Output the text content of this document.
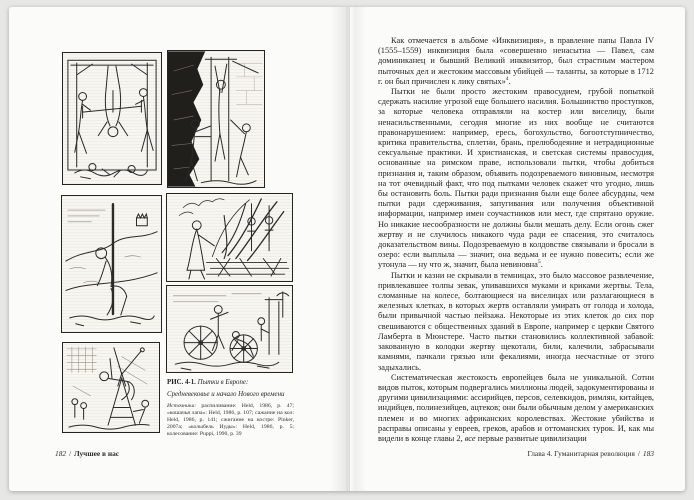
РИС. 4-1. Пытки в Европе:
Средневековье и начало Нового времени
Источники: распиливание: Held, 1986, p. 47; «кошачья лапа»: Held, 1986, p. 107; сажание на кол: Held, 1986, p. 141; сжигание на костре: Pinker, 2007a; «колыбель Иуды»: Held, 1986, p. 5; колесование: Puppi, 1990, p. 39
182 / Лучшее в нас

Как отмечается в альбоме «Инквизиция», в правление папы Павла IV (1555–1559) инквизиция была «совершенно ненасытна — Павел, сам доминиканец и бывший Великий инквизитор, был страстным мастером пыточных дел и жестоким массовым убийцей — таланты, за которые в 1712 г. он был причислен к лику святых»$^4$.

Пытки не были просто жестоким правосудием, грубой попыткой сдержать насилие угрозой еще большего насилия. Большинство проступков, за которые человека отправляли на костер или виселицу, были ненасильственными, сегодня многие из них вообще не считаются правонарушением: например, ересь, богохульство, богоотступничество, критика правительства, сплетни, брань, прелюбодеяние и нетрадиционные сексуальные практики. И христианская, и светская системы правосудия, основанные на римском праве, использовали пытки, чтобы добиться признания и, таким образом, объявить подозреваемого виновным, несмотря на тот очевидный факт, что под пытками человек скажет что угодно, лишь бы остановить боль. Пытки ради признания были еще более абсурдны, чем пытки ради сдерживания, запугивания или получения объективной информации, например имен соучастников или мест, где спрятано оружие. Но никакие несообразности не должны были мешать делу. Если огонь сжег жертву и не случилось никакого чуда ради ее спасения, это считалось доказательством вины. Подозреваемую в колдовстве связывали и бросали в озеро: если выплыла — значит, она ведьма и ее нужно повесить; если же утонула — ну что ж, значит, была невиновна$^5$.

Пытки и казни не скрывали в темницах, это было массовое развлечение, привлекавшее толпы зевак, упивавшихся муками и криками жертвы. Тела, сломанные на колесе, болтающиеся на виселицах или разлагающиеся в железных клетках, в которых жертв оставляли умирать от голода и холода, были привычной частью пейзажа. Некоторые из этих клеток до сих пор свешиваются с общественных зданий в Европе, например с церкви Святого Ламберта в Мюнстере. Часто пытки становились коллективной забавой: закованную в колодки жертву щекотали, били, калечили, забрасывали камнями, пачкали грязью или фекалиями, иногда несчастные от этого задыхались.

Систематическая жестокость европейцев была не уникальной. Сотни видов пыток, которым подвергались миллионы людей, задокументированы и другими цивилизациями: ассирийцев, персов, селевкидов, римлян, китайцев, индийцев, полинезийцев, ацтеков; они были обычным делом у американских племен и во многих африканских королевствах. Жестокие убийства и расправы описаны у евреев, греков, арабов и оттоманских турок. И, как мы видели в конце главы 2, все первые развитые цивилизации

Глава 4. Гуманитарная революция / 183
